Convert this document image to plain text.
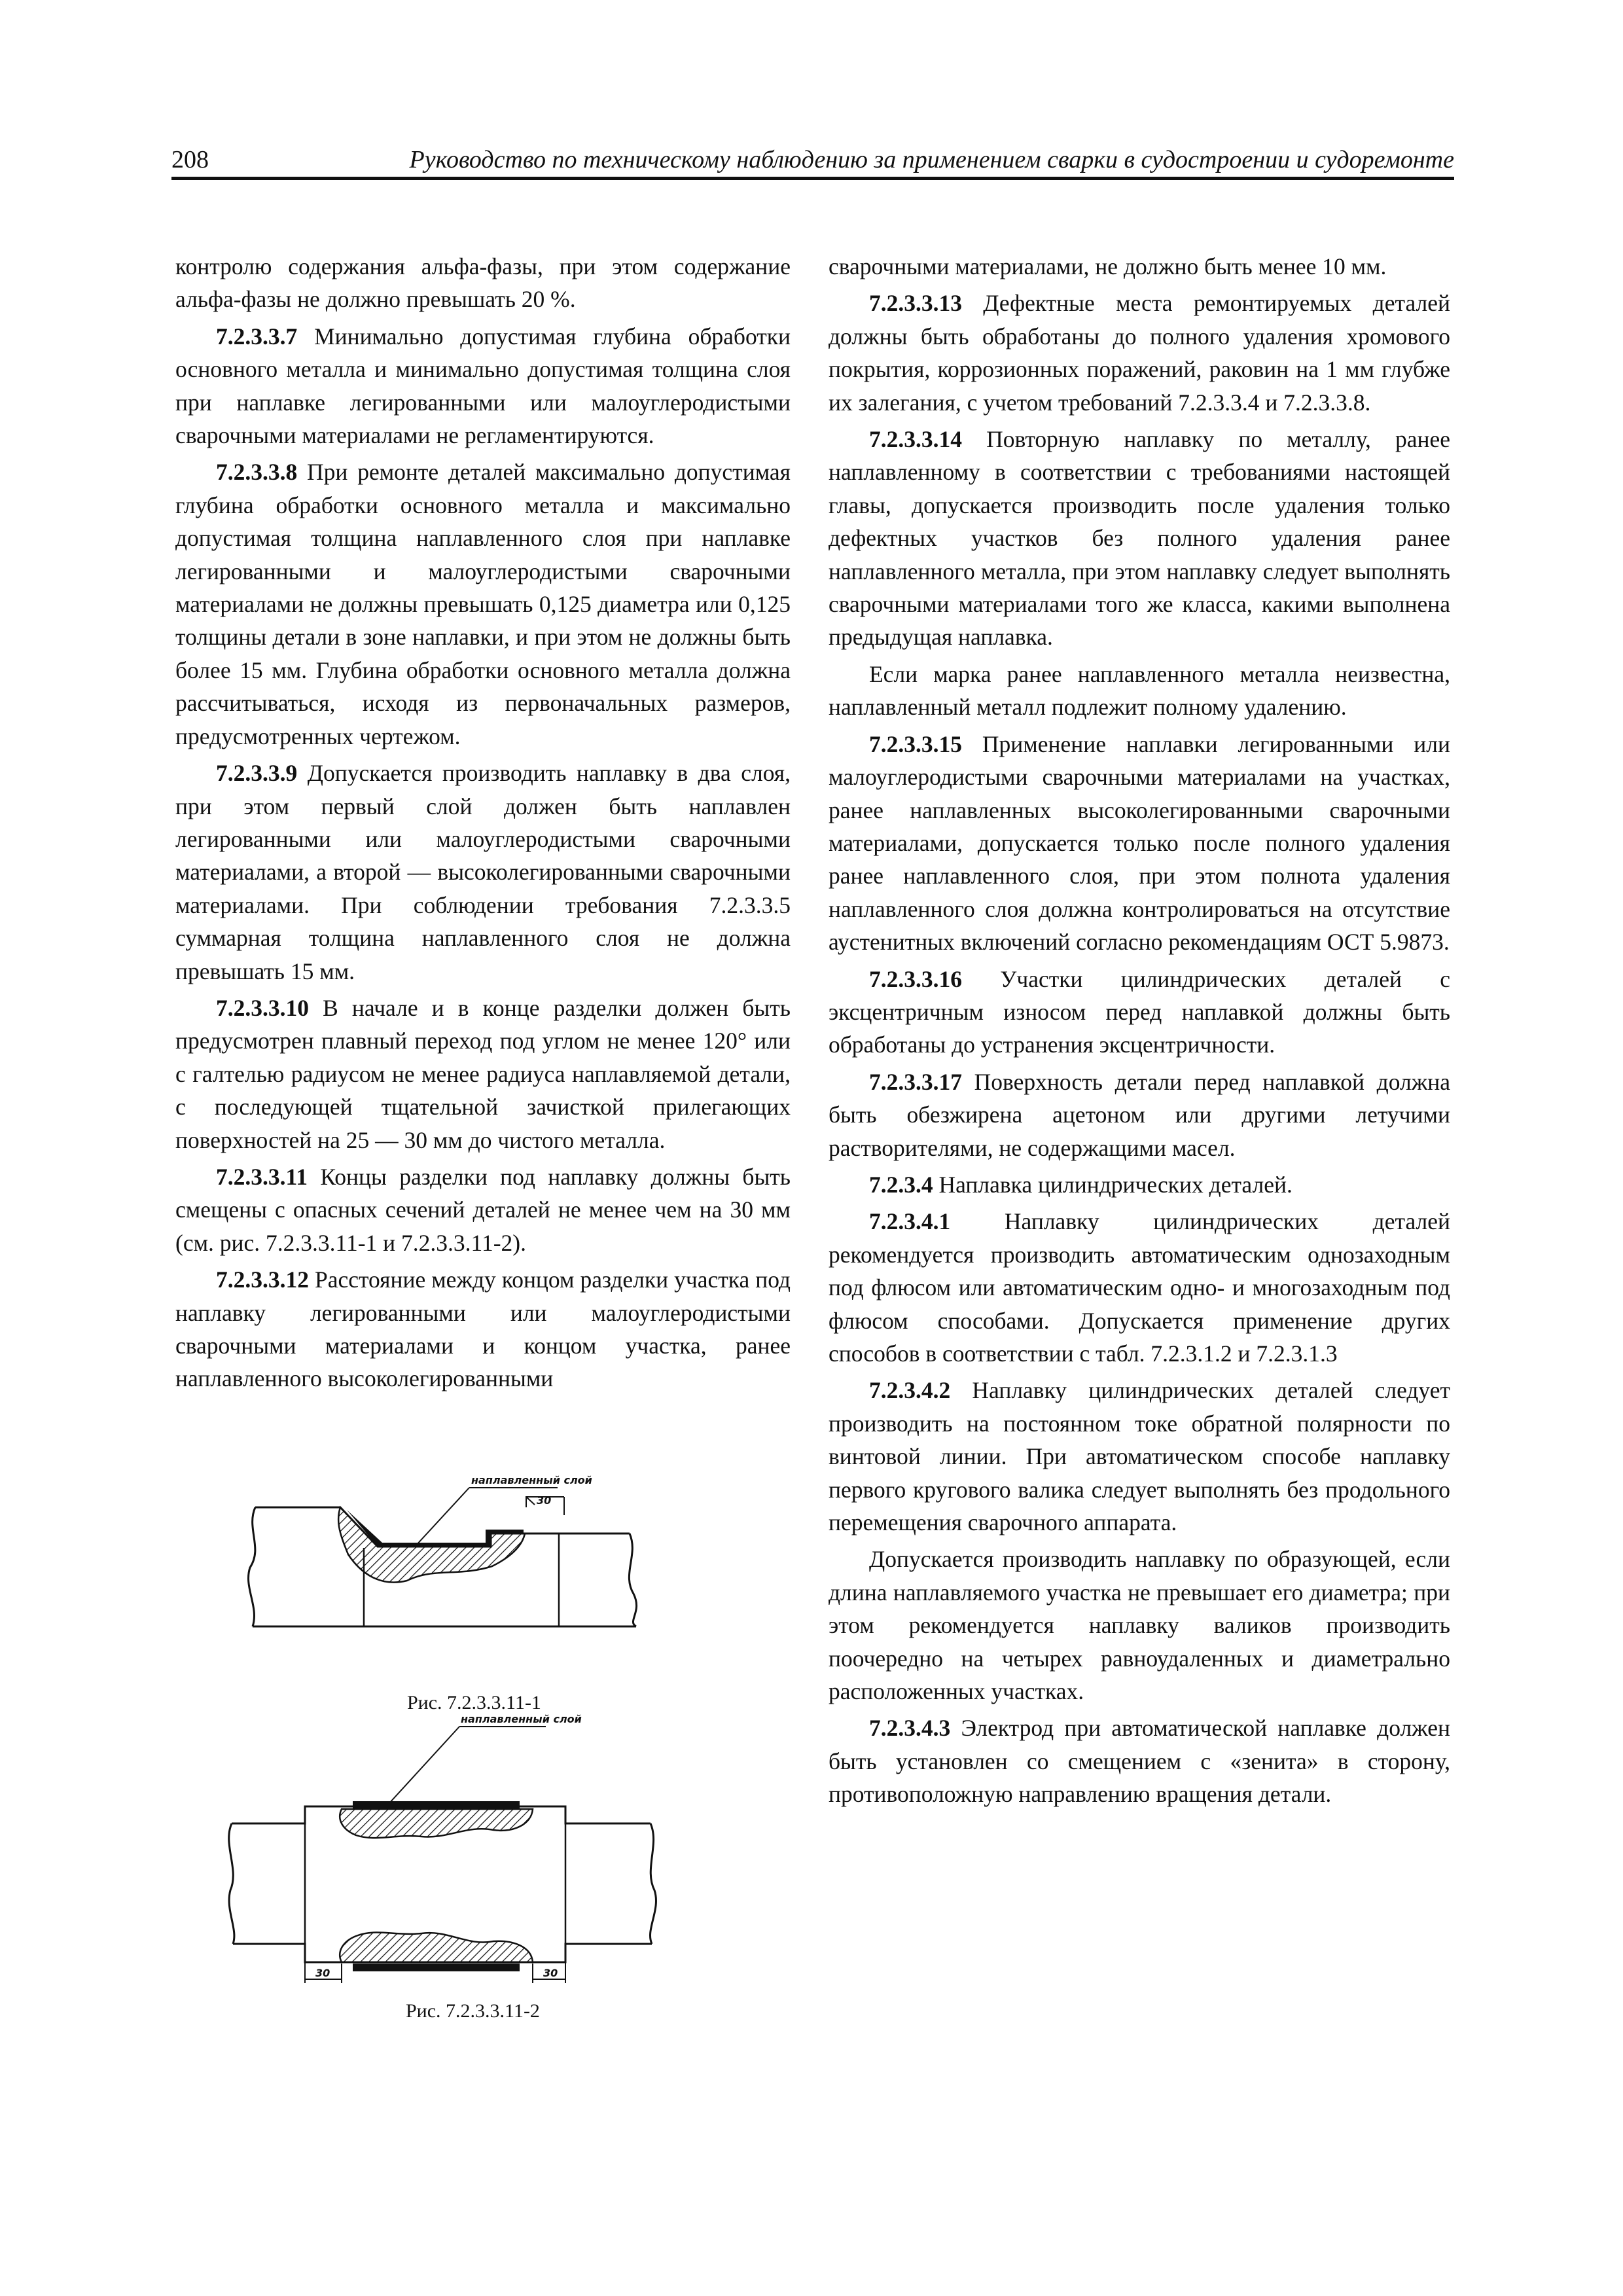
208	Руководство по техническому наблюдению за применением сварки в судостроении и судоремонте

контролю содержания альфа-фазы, при этом содержание альфа-фазы не должно превышать 20 %.

7.2.3.3.7 Минимально допустимая глубина обработки основного металла и минимально допустимая толщина слоя при наплавке легированными или малоуглеродистыми сварочными материалами не регламентируются.

7.2.3.3.8 При ремонте деталей максимально допустимая глубина обработки основного металла и максимально допустимая толщина наплавленного слоя при наплавке легированными и малоуглеродистыми сварочными материалами не должны превышать 0,125 диаметра или 0,125 толщины детали в зоне наплавки, и при этом не должны быть более 15 мм. Глубина обработки основного металла должна рассчитываться, исходя из первоначальных размеров, предусмотренных чертежом.

7.2.3.3.9 Допускается производить наплавку в два слоя, при этом первый слой должен быть наплавлен легированными или малоуглеродистыми сварочными материалами, а второй — высоколегированными сварочными материалами. При соблюдении требования 7.2.3.3.5 суммарная толщина наплавленного слоя не должна превышать 15 мм.

7.2.3.3.10 В начале и в конце разделки должен быть предусмотрен плавный переход под углом не менее 120° или с галтелью радиусом не менее радиуса наплавляемой детали, с последующей тщательной зачисткой прилегающих поверхностей на 25 — 30 мм до чистого металла.

7.2.3.3.11 Концы разделки под наплавку должны быть смещены с опасных сечений деталей не менее чем на 30 мм (см. рис. 7.2.3.3.11-1 и 7.2.3.3.11-2).

7.2.3.3.12 Расстояние между концом разделки участка под наплавку легированными или малоуглеродистыми сварочными материалами и концом участка, ранее наплавленного высоколегированными

сварочными материалами, не должно быть менее 10 мм.

7.2.3.3.13 Дефектные места ремонтируемых деталей должны быть обработаны до полного удаления хромового покрытия, коррозионных поражений, раковин на 1 мм глубже их залегания, с учетом требований 7.2.3.3.4 и 7.2.3.3.8.

7.2.3.3.14 Повторную наплавку по металлу, ранее наплавленному в соответствии с требованиями настоящей главы, допускается производить после удаления только дефектных участков без полного удаления ранее наплавленного металла, при этом наплавку следует выполнять сварочными материалами того же класса, какими выполнена предыдущая наплавка.

Если марка ранее наплавленного металла неизвестна, наплавленный металл подлежит полному удалению.

7.2.3.3.15 Применение наплавки легированными или малоуглеродистыми сварочными материалами на участках, ранее наплавленных высоколегированными сварочными материалами, допускается только после полного удаления ранее наплавленного слоя, при этом полнота удаления наплавленного слоя должна контролироваться на отсутствие аустенитных включений согласно рекомендациям ОСТ 5.9873.

7.2.3.3.16 Участки цилиндрических деталей с эксцентричным износом перед наплавкой должны быть обработаны до устранения эксцентричности.

7.2.3.3.17 Поверхность детали перед наплавкой должна быть обезжирена ацетоном или другими летучими растворителями, не содержащими масел.

7.2.3.4 Наплавка цилиндрических деталей.

7.2.3.4.1 Наплавку цилиндрических деталей рекомендуется производить автоматическим однозаходным под флюсом или автоматическим одно- и многозаходным под флюсом способами. Допускается применение других способов в соответствии с табл. 7.2.3.1.2 и 7.2.3.1.3

7.2.3.4.2 Наплавку цилиндрических деталей следует производить на постоянном токе обратной полярности по винтовой линии. При автоматическом способе наплавку первого кругового валика следует выполнять без продольного перемещения сварочного аппарата.

Допускается производить наплавку по образующей, если длина наплавляемого участка не превышает его диаметра; при этом рекомендуется наплавку валиков производить поочередно на четырех равноудаленных и диаметрально расположенных участках.

7.2.3.4.3 Электрод при автоматической наплавке должен быть установлен со смещением с «зенита» в сторону, противоположную направлению вращения детали.

наплавленный слой
30
Рис. 7.2.3.3.11-1
наплавленный слой
30	30
Рис. 7.2.3.3.11-2
